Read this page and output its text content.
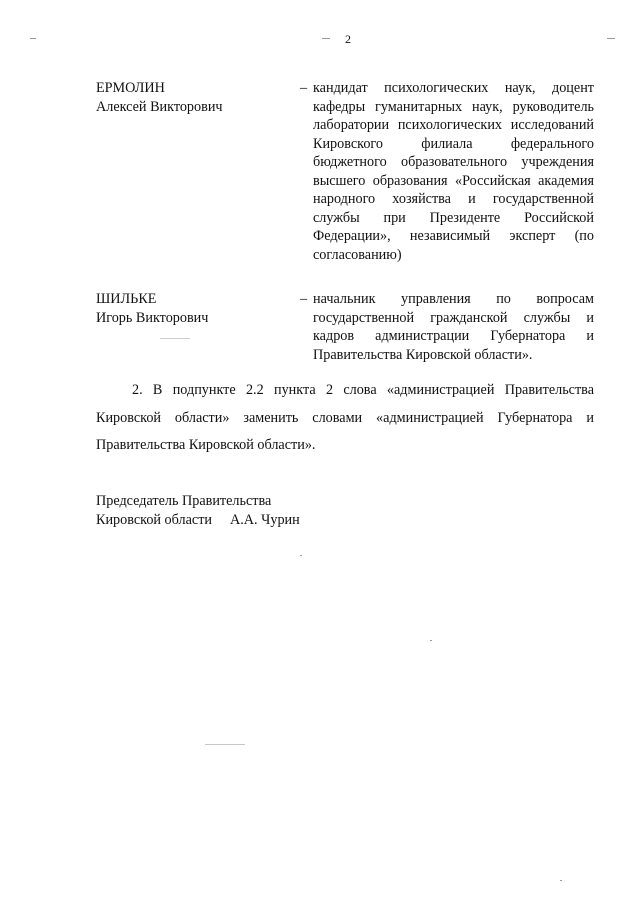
2
ЕРМОЛИН
Алексей Викторович
– кандидат психологических наук, доцент кафедры гуманитарных наук, руководитель лаборатории психологических исследований Кировского филиала федерального бюджетного образовательного учреждения высшего образования «Российская академия народного хозяйства и государственной службы при Президенте Российской Федерации», независимый эксперт (по согласованию)
ШИЛЬКЕ
Игорь Викторович
– начальник управления по вопросам государственной гражданской службы и кадров администрации Губернатора и Правительства Кировской области».
2. В подпункте 2.2 пункта 2 слова «администрацией Правительства Кировской области» заменить словами «администрацией Губернатора и Правительства Кировской области».
Председатель Правительства
Кировской области А.А. Чурин
